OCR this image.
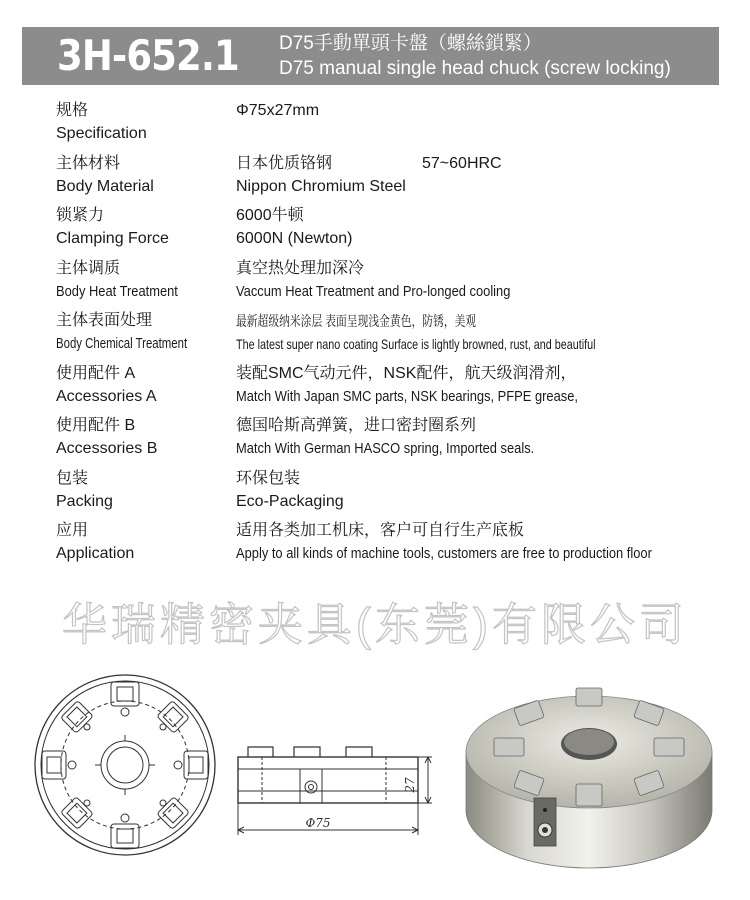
3H-652.1 D75手動單頭卡盤（螺絲鎖緊）
D75 manual single head chuck (screw locking)
规格
Specification
Φ75x27mm
主体材料
Body Material
日本优质铬钢	57~60HRC
Nippon Chromium Steel
锁紧力
Clamping Force
6000牛顿
6000N (Newton)
主体调质
Body Heat Treatment
真空热处理加深冷
Vaccum Heat Treatment and Pro-longed cooling
主体表面处理
Body Chemical Treatment
最新超级纳米涂层 表面呈现浅金黄色，防锈，美观
The latest super nano coating Surface is lightly browned, rust, and beautiful
使用配件 A
Accessories A
装配SMC气动元件，NSK配件，航天级润滑剂，
Match With Japan SMC parts, NSK bearings, PFPE grease,
使用配件 B
Accessories B
德国哈斯高弹簧，进口密封圈系列
Match With German HASCO spring, Imported seals.
包装
Packing
环保包装
Eco-Packaging
应用
Application
适用各类加工机床，客户可自行生产底板
Apply to all kinds of machine tools, customers are free to production floor
华瑞精密夹具(东莞)有限公司
27
Φ75
